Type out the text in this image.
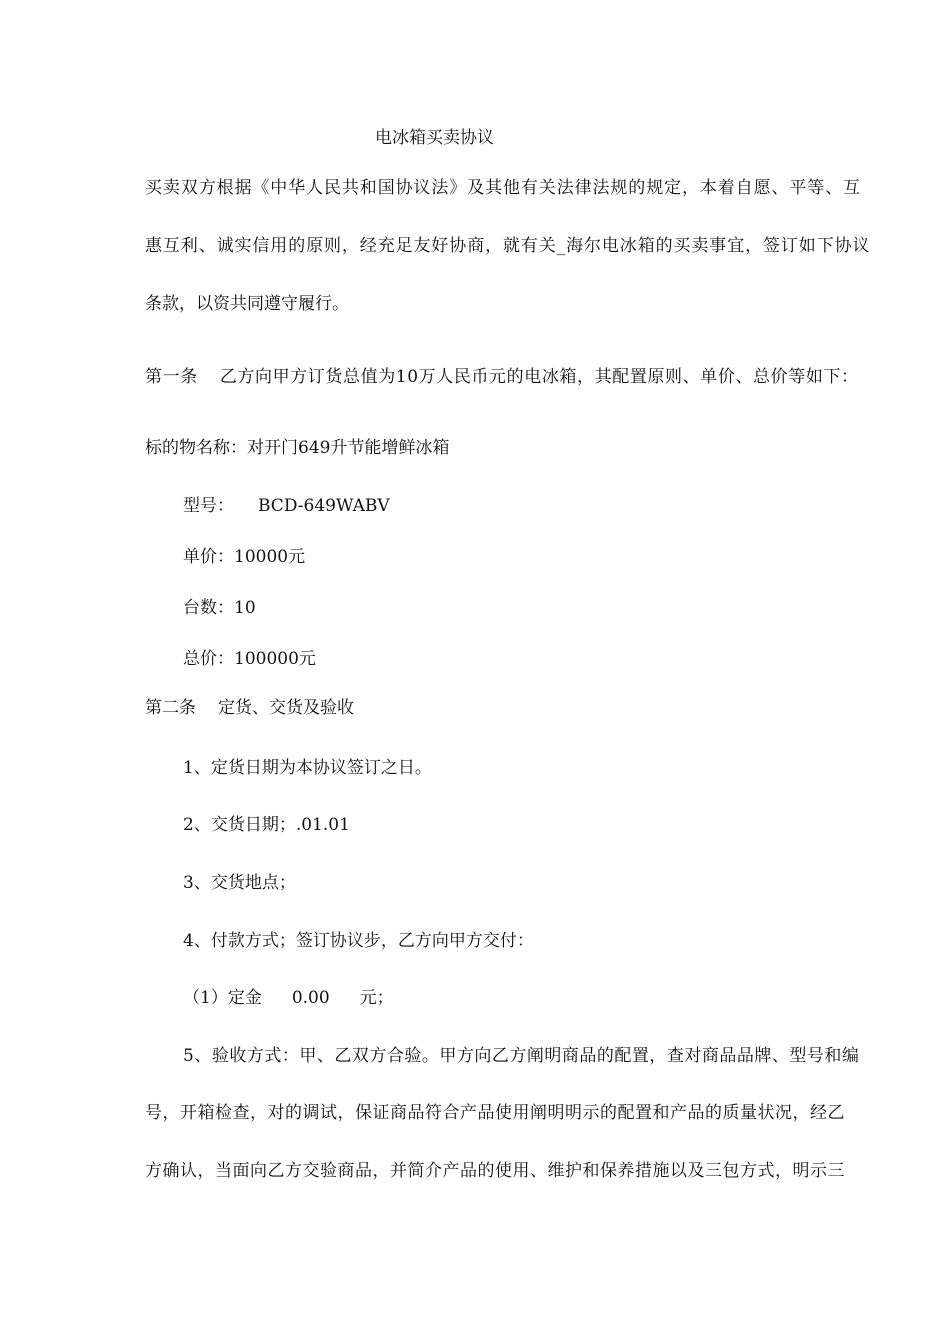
电冰箱买卖协议
买卖双方根据《中华人民共和国协议法》及其他有关法律法规的规定，本着自愿、平等、互
惠互利、诚实信用的原则，经充足友好协商，就有关_海尔电冰箱的买卖事宜，签订如下协议
条款，以资共同遵守履行。
第一条 乙方向甲方订货总值为10万人民币元的电冰箱，其配置原则、单价、总价等如下：
标的物名称：对开门649升节能增鲜冰箱
型号： BCD-649WABV
单价：10000元
台数：10
总价：100000元
第二条 定货、交货及验收
1、定货日期为本协议签订之日。
2、交货日期；.01.01
3、交货地点；
4、付款方式；签订协议步，乙方向甲方交付：
（1）定金 0.00 元；
5、验收方式：甲、乙双方合验。甲方向乙方阐明商品的配置，查对商品品牌、型号和编
号，开箱检查，对的调试，保证商品符合产品使用阐明明示的配置和产品的质量状况，经乙
方确认，当面向乙方交验商品，并简介产品的使用、维护和保养措施以及三包方式，明示三
